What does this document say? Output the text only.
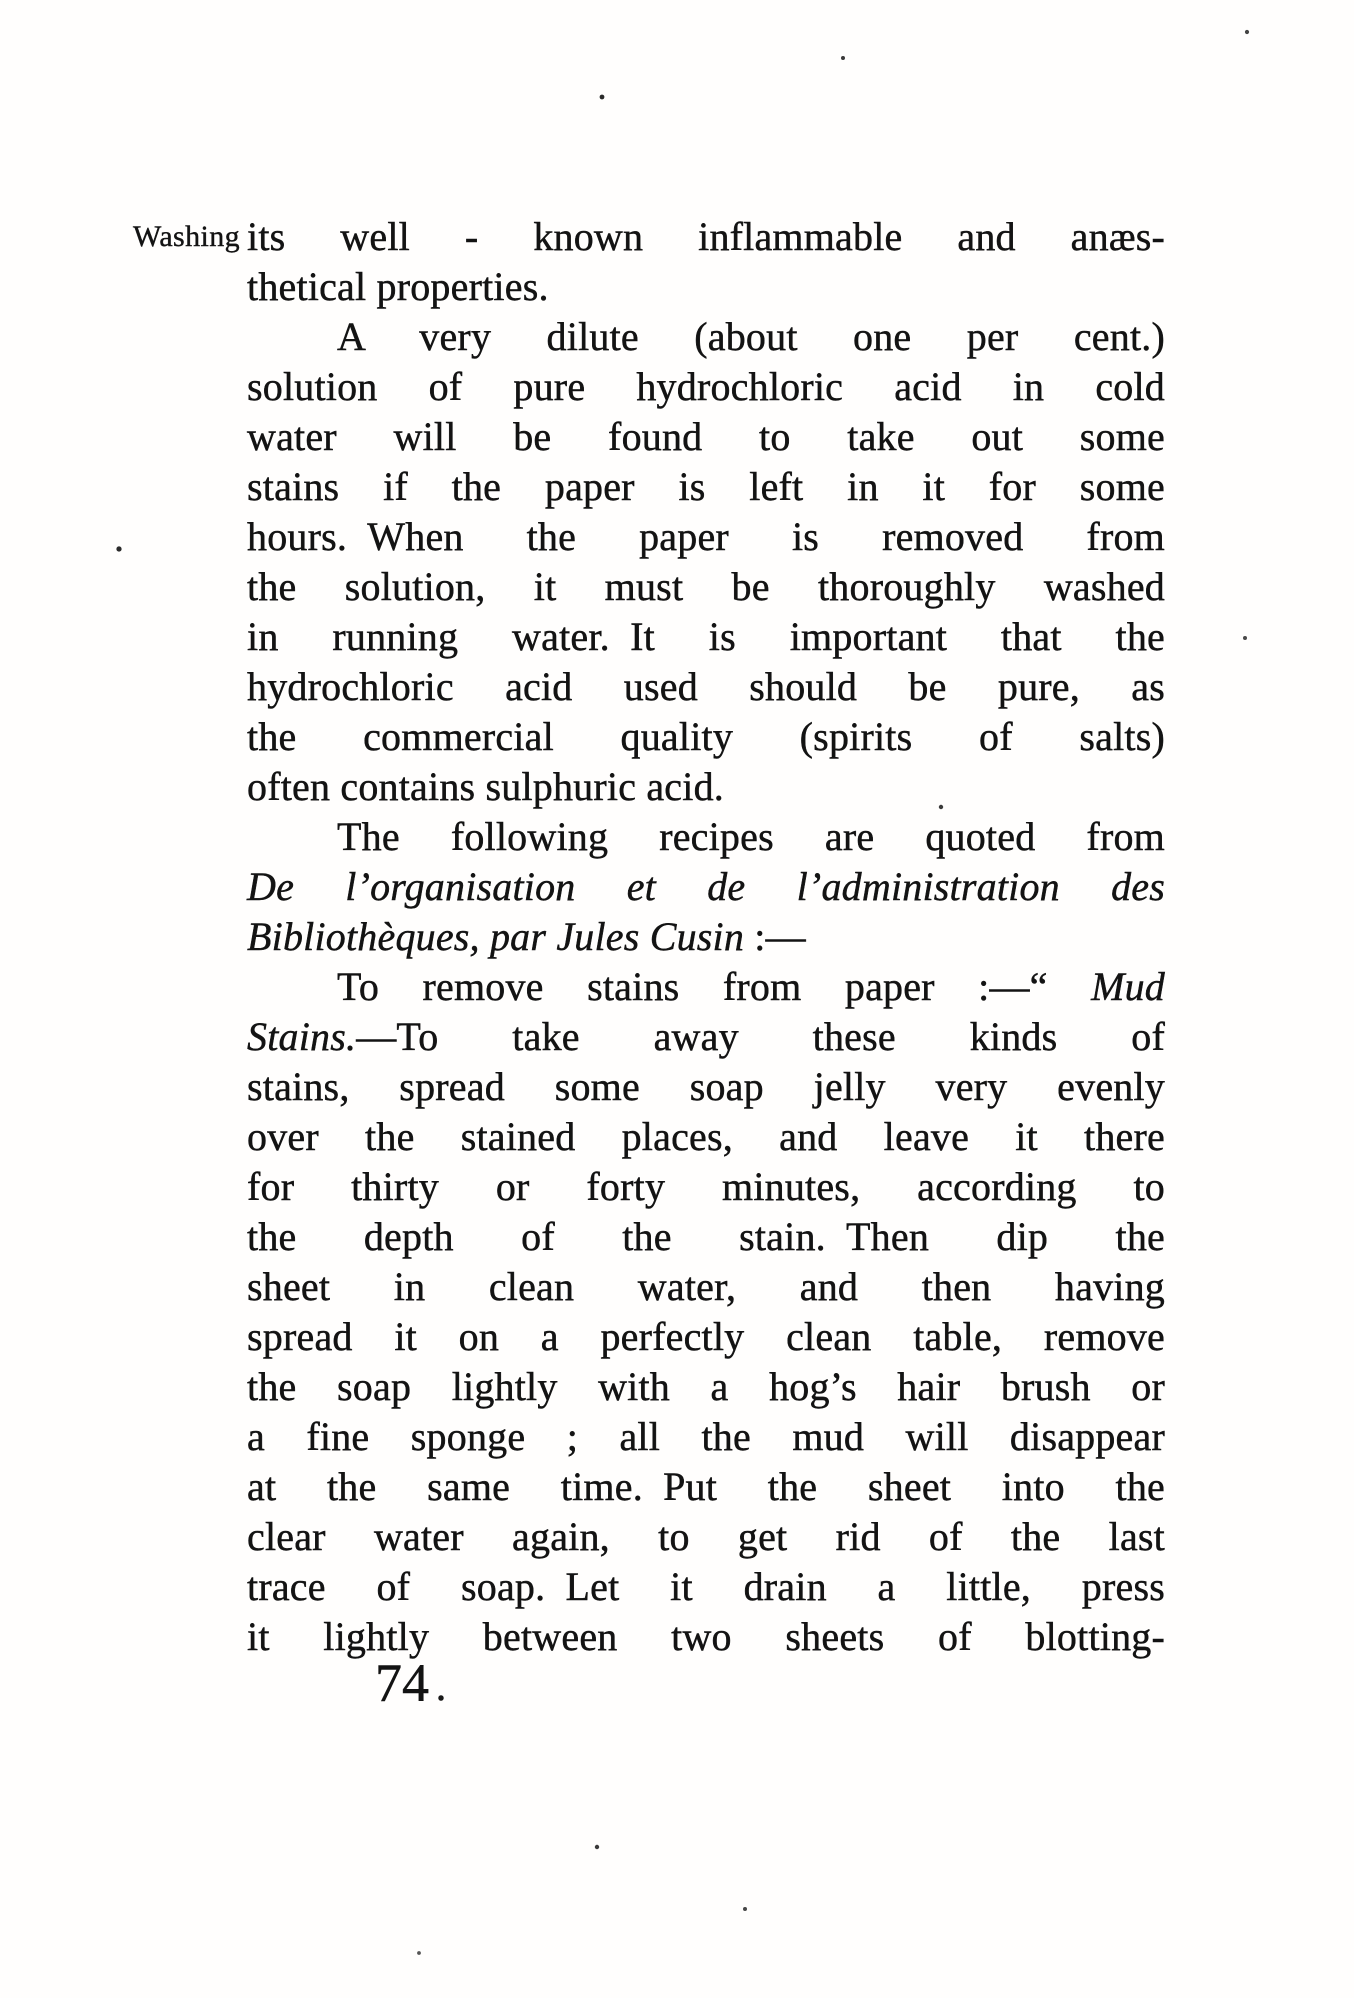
Washing its well - known inflammable and anæs-
thetical properties.
A very dilute (about one per cent.)
solution of pure hydrochloric acid in cold
water will be found to take out some
stains if the paper is left in it for some
hours. When the paper is removed from
the solution, it must be thoroughly washed
in running water. It is important that the
hydrochloric acid used should be pure, as
the commercial quality (spirits of salts)
often contains sulphuric acid.
The following recipes are quoted from
De l’organisation et de l’administration des
Bibliothèques, par Jules Cusin :—
To remove stains from paper :—“ Mud
Stains.—To take away these kinds of
stains, spread some soap jelly very evenly
over the stained places, and leave it there
for thirty or forty minutes, according to
the depth of the stain. Then dip the
sheet in clean water, and then having
spread it on a perfectly clean table, remove
the soap lightly with a hog’s hair brush or
a fine sponge ; all the mud will disappear
at the same time. Put the sheet into the
clear water again, to get rid of the last
trace of soap. Let it drain a little, press
it lightly between two sheets of blotting-
74
